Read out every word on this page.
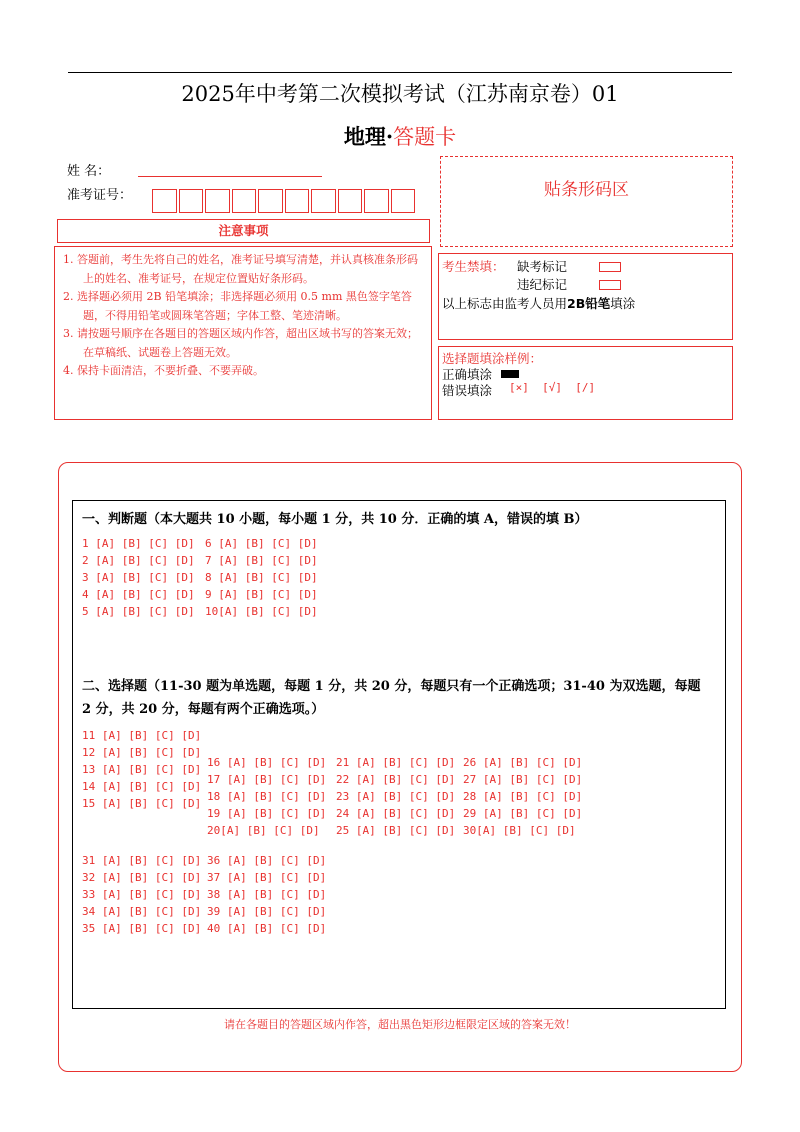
2025年中考第二次模拟考试（江苏南京卷）01
地理·答题卡
姓 名：
准考证号：	贴条形码区
注意事项

1. 答题前，考生先将自己的姓名，准考证号填写清楚，并认真核准条形码上的姓名、准考证号，在规定位置贴好条形码。

2. 选择题必须用 2B 铅笔填涂；非选择题必须用 0.5 mm 黑色签字笔答题，不得用铅笔或圆珠笔答题；字体工整、笔迹清晰。

3. 请按题号顺序在各题目的答题区域内作答，超出区域书写的答案无效；在草稿纸、试题卷上答题无效。

4. 保持卡面清洁，不要折叠、不要弄破。

考生禁填： 缺考标记
违纪标记
以上标志由监考人员用2B铅笔填涂
选择题填涂样例：
正确填涂
错误填涂 [×]  [√]  [/]
一、判断题（本大题共 10 小题，每小题 1 分，共 10 分．正确的填 A，错误的填 B）
1 [A] [B] [C] [D]
2 [A] [B] [C] [D]
3 [A] [B] [C] [D]
4 [A] [B] [C] [D]
5 [A] [B] [C] [D]
6 [A] [B] [C] [D]
7 [A] [B] [C] [D]
8 [A] [B] [C] [D]
9 [A] [B] [C] [D]
10[A] [B] [C] [D]
二、选择题（11-30 题为单选题，每题 1 分，共 20 分，每题只有一个正确选项；31-40 为双选题，每题
2 分，共 20 分，每题有两个正确选项。）
11 [A] [B] [C] [D]
12 [A] [B] [C] [D]
13 [A] [B] [C] [D]
14 [A] [B] [C] [D]
15 [A] [B] [C] [D]
16 [A] [B] [C] [D]
17 [A] [B] [C] [D]
18 [A] [B] [C] [D]
19 [A] [B] [C] [D]
20[A] [B] [C] [D]
21 [A] [B] [C] [D]
22 [A] [B] [C] [D]
23 [A] [B] [C] [D]
24 [A] [B] [C] [D]
25 [A] [B] [C] [D]
26 [A] [B] [C] [D]
27 [A] [B] [C] [D]
28 [A] [B] [C] [D]
29 [A] [B] [C] [D]
30[A] [B] [C] [D]
31 [A] [B] [C] [D]
32 [A] [B] [C] [D]
33 [A] [B] [C] [D]
34 [A] [B] [C] [D]
35 [A] [B] [C] [D]
36 [A] [B] [C] [D]
37 [A] [B] [C] [D]
38 [A] [B] [C] [D]
39 [A] [B] [C] [D]
40 [A] [B] [C] [D]
请在各题目的答题区域内作答，超出黑色矩形边框限定区域的答案无效！
